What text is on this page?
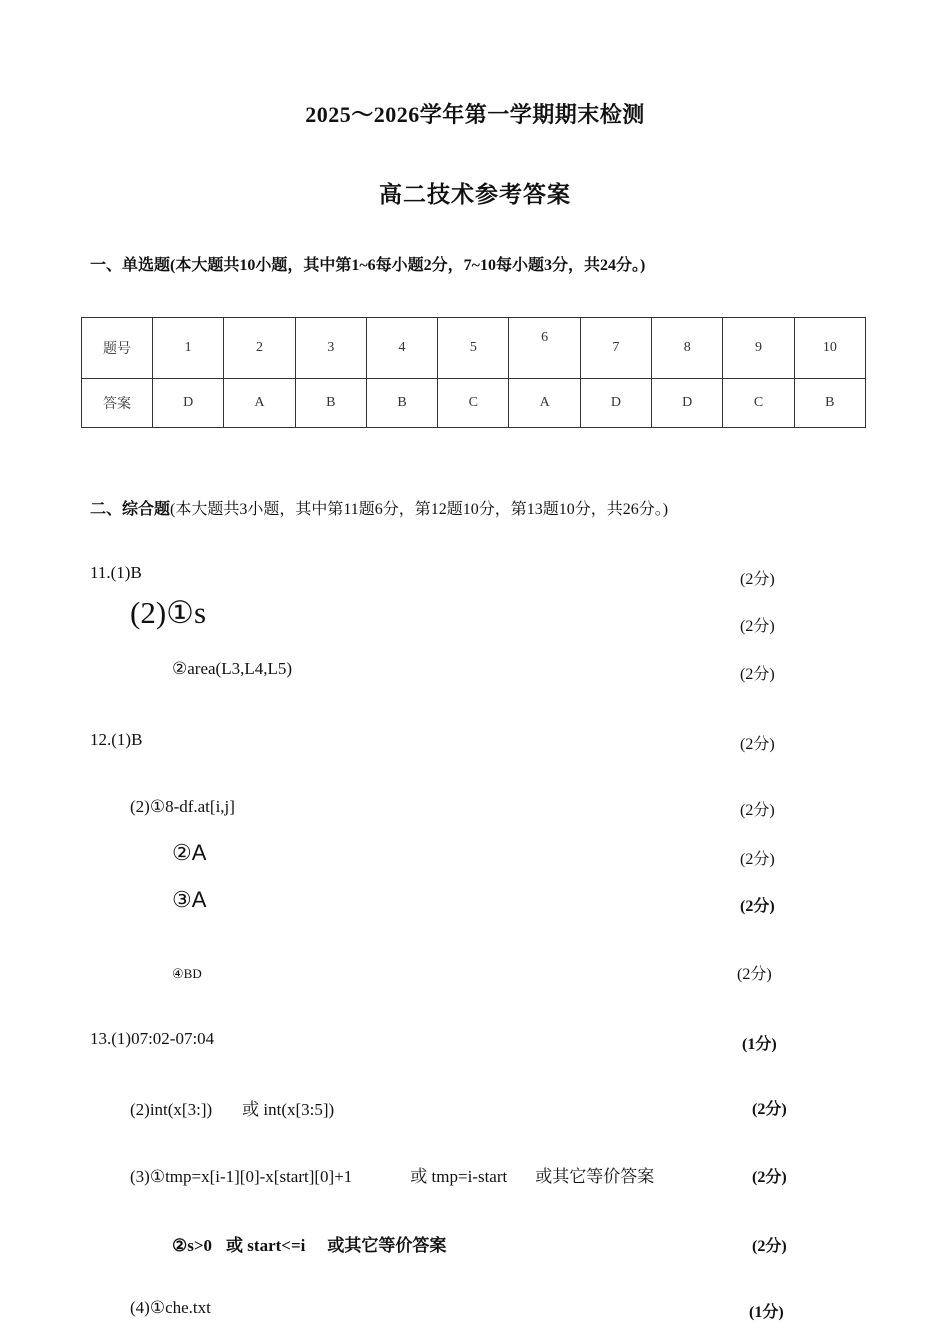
2025～2026学年第一学期期末检测
高二技术参考答案
一、单选题(本大题共10小题，其中第1~6每小题2分，7~10每小题3分，共24分。)
题号	1	2	3	4	5	6	7	8	9	10
答案	D	A	B	B	C	A	D	D	C	B
二、综合题(本大题共3小题，其中第11题6分，第12题10分，第13题10分，共26分。)
11.(1)B	(2分)
(2)①s	(2分)
②area(L3,L4,L5)	(2分)
12.(1)B	(2分)
(2)①8-df.at[i,j]	(2分)
②A	(2分)
③A	(2分)
④BD	(2分)
13.(1)07:02-07:04	(1分)
(2)int(x[3:]) 或 int(x[3:5])	(2分)
(3)①tmp=x[i-1][0]-x[start][0]+1	或 tmp=i-start 或其它等价答案	(2分)
②s>0 或 start<=i 或其它等价答案	(2分)
(4)①che.txt	(1分)
